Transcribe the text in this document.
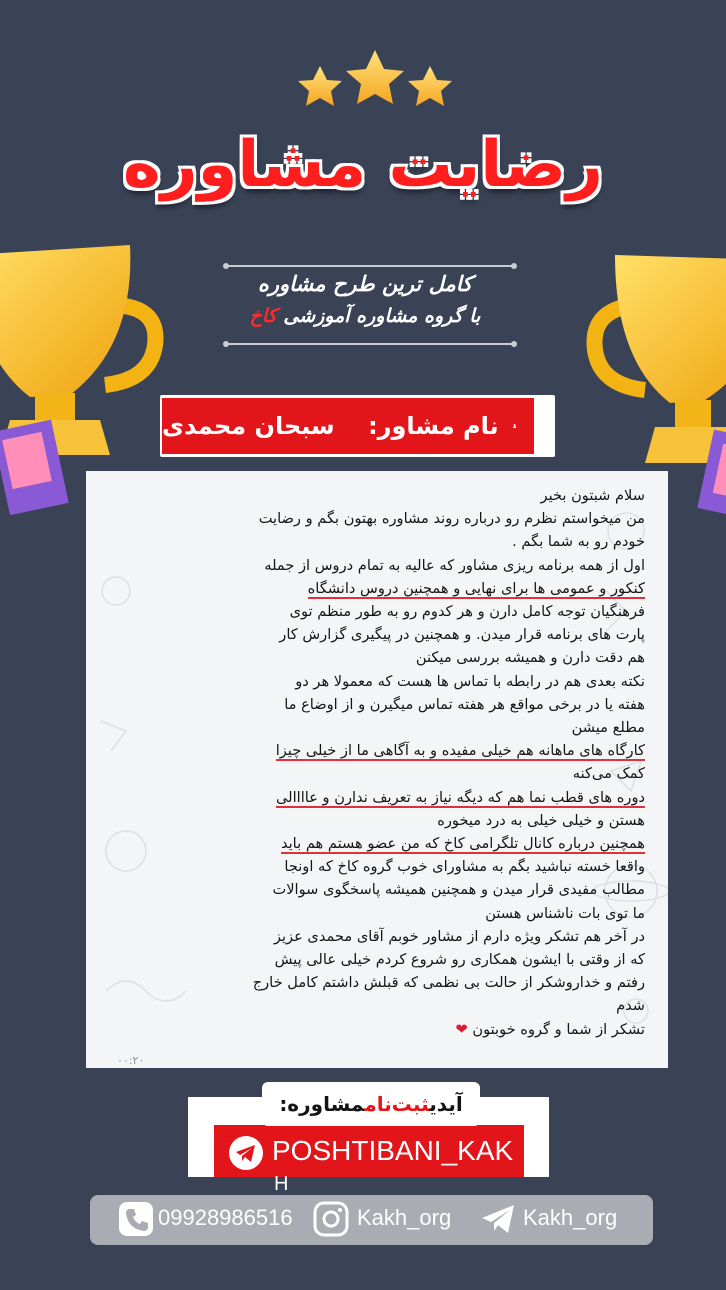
رضایت مشاوره
کامل ترین طرح مشاوره
با گروه مشاوره آموزشی کاخ
نام مشاور:    سبحان محمدی
سلام شبتون بخیر
من میخواستم نظرم رو درباره روند مشاوره بهتون بگم و رضایت
خودم رو به شما بگم .
اول از همه برنامه ریزی مشاور که عالیه به تمام دروس از جمله
کنکور و عمومی ها برای نهایی و همچنین دروس دانشگاه
فرهنگیان توجه کامل دارن و هر کدوم رو به طور منظم توی
پارت های برنامه قرار میدن. و همچنین در پیگیری گزارش کار
هم دقت دارن و همیشه بررسی میکنن
نکته بعدی هم در رابطه با تماس ها هست که معمولا هر دو
هفته یا در برخی مواقع هر هفته تماس میگیرن و از اوضاع ما
مطلع میشن
کارگاه های ماهانه هم خیلی مفیده و به آگاهی ما از خیلی چیزا
کمک می‌کنه
دوره های قطب نما هم که دیگه نیاز به تعریف ندارن و عاااالی
هستن و خیلی خیلی به درد میخوره
همچنین درباره کانال تلگرامی کاخ که من عضو هستم هم باید
واقعا خسته نباشید بگم به مشاورای خوب گروه کاخ که اونجا
مطالب مفیدی قرار میدن و همچنین همیشه پاسخگوی سوالات
ما توی بات ناشناس هستن
در آخر هم تشکر ویژه دارم از مشاور خوبم آقای محمدی عزیز
که از وقتی با ایشون همکاری رو شروع کردم خیلی عالی پیش
رفتم و خداروشکر از حالت بی نظمی که قبلش داشتم کامل خارج
شدم
تشکر از شما و گروه خوبتون ❤
۰۰:۲۰
آیدیثبت‌ناممشاوره:
POSHTIBANI_KAK
H
09928986516	Kakh_org	Kakh_org
